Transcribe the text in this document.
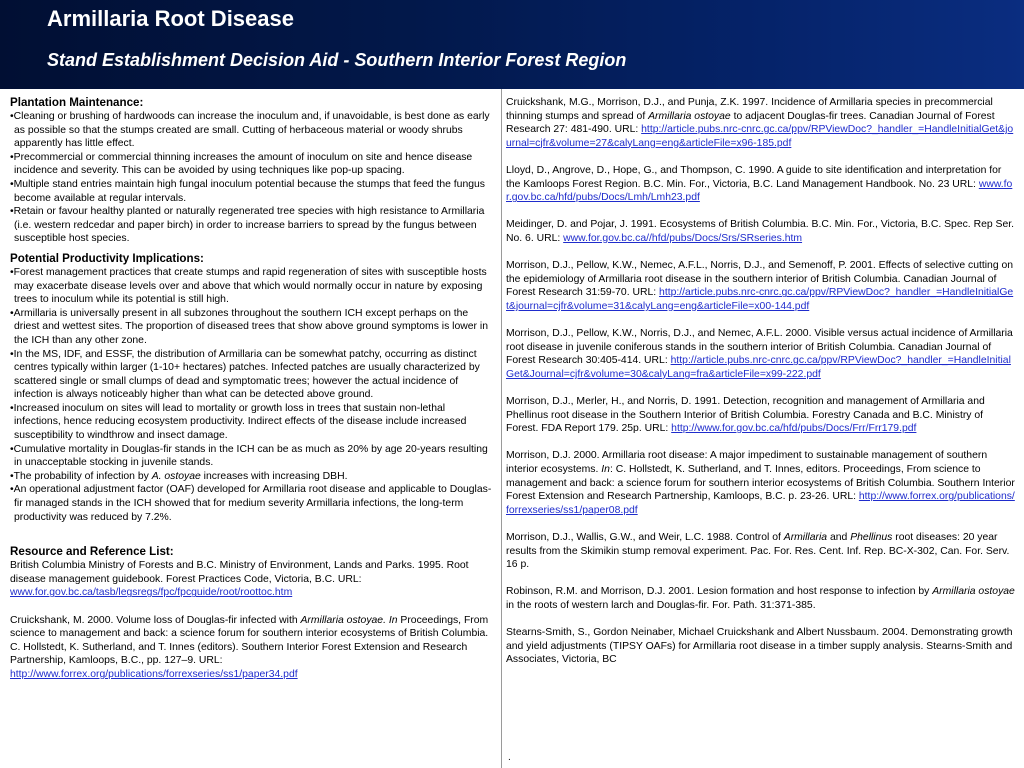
Armillaria Root Disease
Stand Establishment Decision Aid - Southern Interior Forest Region

Plantation Maintenance:

• Cleaning or brushing of hardwoods can increase the inoculum and, if unavoidable, is best done as early as possible so that the stumps created are small. Cutting of herbaceous material or woody shrubs apparently has little effect.
• Precommercial or commercial thinning increases the amount of inoculum on site and hence disease incidence and severity. This can be avoided by using techniques like pop-up spacing.
• Multiple stand entries maintain high fungal inoculum potential because the stumps that feed the fungus become available at regular intervals.
• Retain or favour healthy planted or naturally regenerated tree species with high resistance to Armillaria (i.e. western redcedar and paper birch) in order to increase barriers to spread by the fungus between susceptible host species.

Potential Productivity Implications:

• Forest management practices that create stumps and rapid regeneration of sites with susceptible hosts may exacerbate disease levels over and above that which would normally occur in nature by exposing trees to inoculum while its potential is still high.
• Armillaria is universally present in all subzones throughout the southern ICH except perhaps on the driest and wettest sites. The proportion of diseased trees that show above ground symptoms is lower in the ICH than any other zone.
• In the MS, IDF, and ESSF, the distribution of Armillaria can be somewhat patchy, occurring as distinct centres typically within larger (1-10+ hectares) patches. Infected patches are usually characterized by scattered single or small clumps of dead and symptomatic trees; however the actual incidence of infection is always noticeably higher than what can be detected above ground.
• Increased inoculum on sites will lead to mortality or growth loss in trees that sustain non-lethal infections, hence reducing ecosystem productivity. Indirect effects of the disease include increased susceptibility to windthrow and insect damage.
• Cumulative mortality in Douglas-fir stands in the ICH can be as much as 20% by age 20-years resulting in unacceptable stocking in juvenile stands.
• The probability of infection by A. ostoyae increases with increasing DBH.
• An operational adjustment factor (OAF) developed for Armillaria root disease and applicable to Douglas-fir managed stands in the ICH showed that for medium severity Armillaria infections, the long-term productivity was reduced by 7.2%.

Resource and Reference List:

British Columbia Ministry of Forests and B.C. Ministry of Environment, Lands and Parks. 1995. Root disease management guidebook. Forest Practices Code, Victoria, B.C. URL:
www.for.gov.bc.ca/tasb/legsregs/fpc/fpcguide/root/roottoc.htm

Cruickshank, M. 2000. Volume loss of Douglas-fir infected with Armillaria ostoyae. In Proceedings, From science to management and back: a science forum for southern interior ecosystems of British Columbia. C. Hollstedt, K. Sutherland, and T. Innes (editors). Southern Interior Forest Extension and Research Partnership, Kamloops, B.C., pp. 127–9. URL:
http://www.forrex.org/publications/forrexseries/ss1/paper34.pdf

Cruickshank, M.G., Morrison, D.J., and Punja, Z.K. 1997. Incidence of Armillaria species in precommercial thinning stumps and spread of Armillaria ostoyae to adjacent Douglas-fir trees. Canadian Journal of Forest Research 27: 481-490. URL: http://article.pubs.nrc-cnrc.gc.ca/ppv/RPViewDoc?_handler_=HandleInitialGet&journal=cjfr&volume=27&calyLang=eng&articleFile=x96-185.pdf

Lloyd, D., Angrove, D., Hope, G., and Thompson, C. 1990. A guide to site identification and interpretation for the Kamloops Forest Region. B.C. Min. For., Victoria, B.C. Land Management Handbook. No. 23 URL: www.for.gov.bc.ca/hfd/pubs/Docs/Lmh/Lmh23.pdf

Meidinger, D. and Pojar, J. 1991. Ecosystems of British Columbia. B.C. Min. For., Victoria, B.C. Spec. Rep Ser. No. 6. URL: www.for.gov.bc.ca//hfd/pubs/Docs/Srs/SRseries.htm

Morrison, D.J., Pellow, K.W., Nemec, A.F.L., Norris, D.J., and Semenoff, P. 2001. Effects of selective cutting on the epidemiology of Armillaria root disease in the southern interior of British Columbia. Canadian Journal of Forest Research 31:59-70. URL: http://article.pubs.nrc-cnrc.gc.ca/ppv/RPViewDoc?_handler_=HandleInitialGet&journal=cjfr&volume=31&calyLang=eng&articleFile=x00-144.pdf

Morrison, D.J., Pellow, K.W., Norris, D.J., and Nemec, A.F.L. 2000. Visible versus actual incidence of Armillaria root disease in juvenile coniferous stands in the southern interior of British Columbia. Canadian Journal of Forest Research 30:405-414. URL: http://article.pubs.nrc-cnrc.gc.ca/ppv/RPViewDoc?_handler_=HandleInitialGet&Journal=cjfr&volume=30&calyLang=fra&articleFile=x99-222.pdf

Morrison, D.J., Merler, H., and Norris, D. 1991. Detection, recognition and management of Armillaria and Phellinus root disease in the Southern Interior of British Columbia. Forestry Canada and B.C. Ministry of Forest. FDA Report 179. 25p. URL: http://www.for.gov.bc.ca/hfd/pubs/Docs/Frr/Frr179.pdf

Morrison, D.J. 2000. Armillaria root disease: A major impediment to sustainable management of southern interior ecosystems. In: C. Hollstedt, K. Sutherland, and T. Innes, editors. Proceedings, From science to management and back: a science forum for southern interior ecosystems of British Columbia. Southern Interior Forest Extension and Research Partnership, Kamloops, B.C. p. 23-26. URL: http://www.forrex.org/publications/forrexseries/ss1/paper08.pdf

Morrison, D.J., Wallis, G.W., and Weir, L.C. 1988. Control of Armillaria and Phellinus root diseases: 20 year results from the Skimikin stump removal experiment. Pac. For. Res. Cent. Inf. Rep. BC-X-302, Can. For. Serv. 16 p.

Robinson, R.M. and Morrison, D.J. 2001. Lesion formation and host response to infection by Armillaria ostoyae in the roots of western larch and Douglas-fir. For. Path. 31:371-385.

Stearns-Smith, S., Gordon Neinaber, Michael Cruickshank and Albert Nussbaum. 2004. Demonstrating growth and yield adjustments (TIPSY OAFs) for Armillaria root disease in a timber supply analysis. Stearns-Smith and Associates, Victoria, BC

.
